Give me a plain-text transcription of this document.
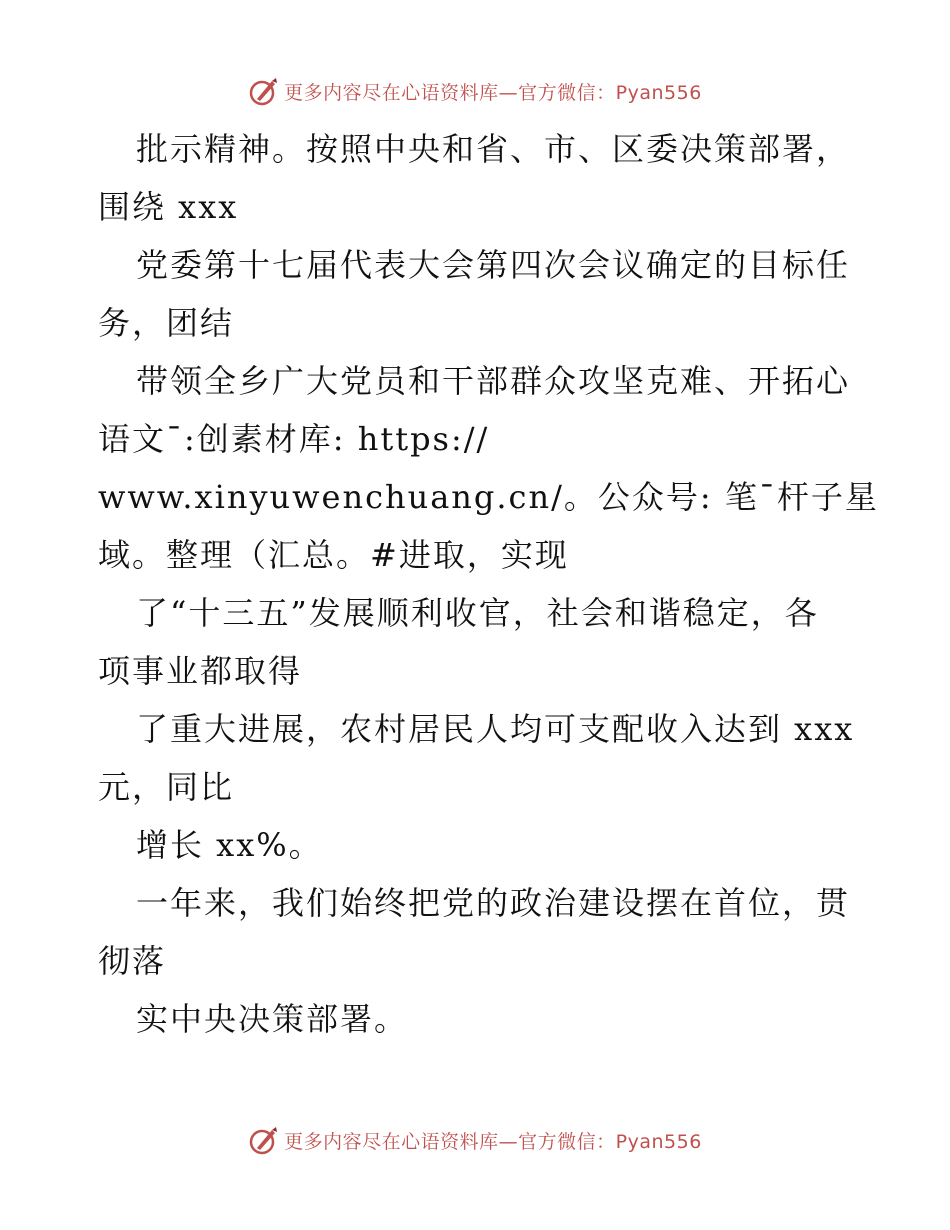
更多内容尽在心语资料库—官方微信：Pyan556

批示精神。按照中央和省、市、区委决策部署，

围绕 xxx

党委第十七届代表大会第四次会议确定的目标任

务，团结

带领全乡广大党员和干部群众攻坚克难、开拓心

语文¯:创素材库: https://

www.xinyuwenchuang.cn/。公众号: 笔¯杆子星

域。整理（汇总。#进取，实现

了“十三五”发展顺利收官，社会和谐稳定，各

项事业都取得

了重大进展，农村居民人均可支配收入达到 xxx

元，同比

增长 xx%。

一年来，我们始终把党的政治建设摆在首位，贯

彻落

实中央决策部署。

更多内容尽在心语资料库—官方微信：Pyan556
